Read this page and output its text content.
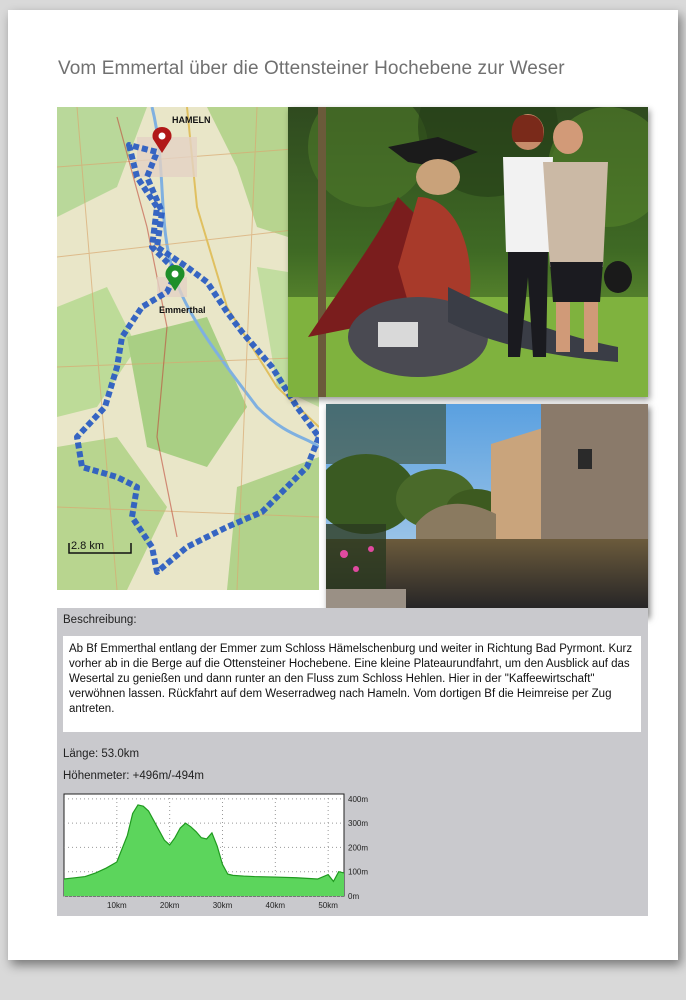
Vom Emmertal über die Ottensteiner Hochebene zur Weser
HAMELN
Emmerthal
2.8 km
Beschreibung:
Ab Bf Emmerthal entlang der Emmer zum Schloss Hämelschenburg und weiter in Richtung Bad Pyrmont. Kurz vorher ab in die Berge auf die Ottensteiner Hochebene. Eine kleine Plateaurundfahrt, um den Ausblick auf das Wesertal zu genießen und dann runter an den Fluss zum Schloss Hehlen. Hier in der "Kaffeewirtschaft" verwöhnen lassen. Rückfahrt auf dem Weserradweg nach Hameln. Vom dortigen Bf die Heimreise per Zug antreten.
Länge: 53.0km
Höhenmeter: +496m/-494m
400m
300m
200m
100m
0m
10km	20km	30km	40km	50km
